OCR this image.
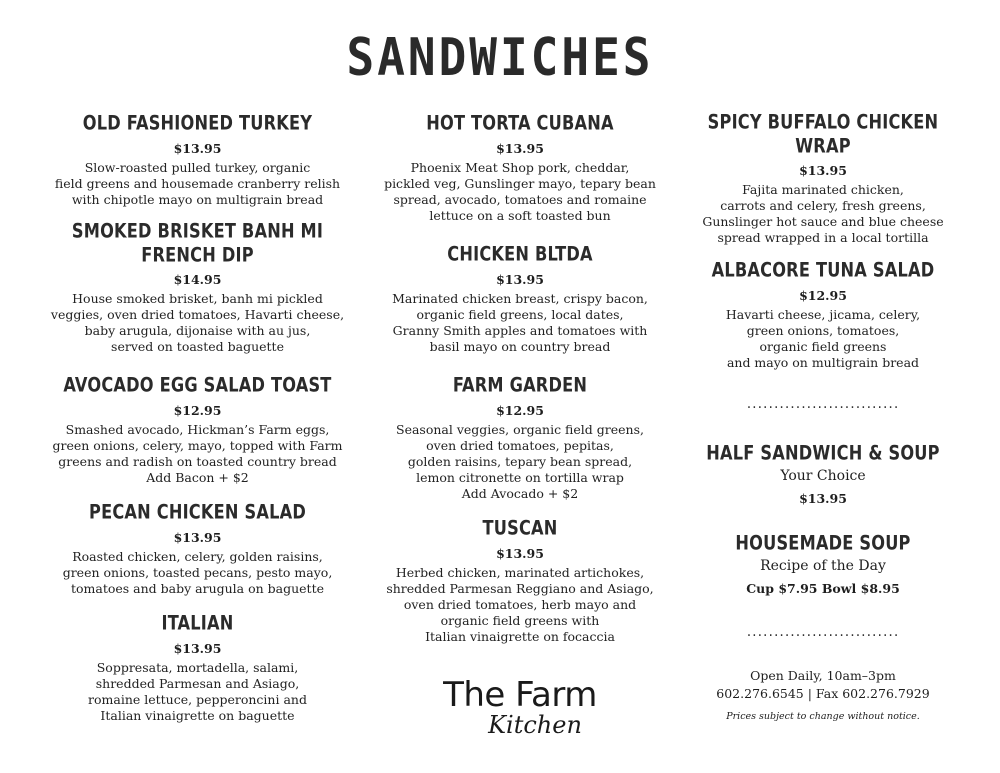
SANDWICHES
OLD FASHIONED TURKEY
$13.95
Slow-roasted pulled turkey, organic
field greens and housemade cranberry relish
with chipotle mayo on multigrain bread
SMOKED BRISKET BANH MI FRENCH DIP
$14.95
House smoked brisket, banh mi pickled
veggies, oven dried tomatoes, Havarti cheese,
baby arugula, dijonaise with au jus,
served on toasted baguette
AVOCADO EGG SALAD TOAST
$12.95
Smashed avocado, Hickman’s Farm eggs,
green onions, celery, mayo, topped with Farm
greens and radish on toasted country bread
Add Bacon + $2
PECAN CHICKEN SALAD
$13.95
Roasted chicken, celery, golden raisins,
green onions, toasted pecans, pesto mayo,
tomatoes and baby arugula on baguette
ITALIAN
$13.95
Soppresata, mortadella, salami,
shredded Parmesan and Asiago,
romaine lettuce, pepperoncini and
Italian vinaigrette on baguette
HOT TORTA CUBANA
$13.95
Phoenix Meat Shop pork, cheddar,
pickled veg, Gunslinger mayo, tepary bean
spread, avocado, tomatoes and romaine
lettuce on a soft toasted bun
CHICKEN BLTDA
$13.95
Marinated chicken breast, crispy bacon,
organic field greens, local dates,
Granny Smith apples and tomatoes with
basil mayo on country bread
FARM GARDEN
$12.95
Seasonal veggies, organic field greens,
oven dried tomatoes, pepitas,
golden raisins, tepary bean spread,
lemon citronette on tortilla wrap
Add Avocado + $2
TUSCAN
$13.95
Herbed chicken, marinated artichokes,
shredded Parmesan Reggiano and Asiago,
oven dried tomatoes, herb mayo and
organic field greens with
Italian vinaigrette on focaccia
The Farm
Kitchen
SPICY BUFFALO CHICKEN WRAP
$13.95
Fajita marinated chicken,
carrots and celery, fresh greens,
Gunslinger hot sauce and blue cheese
spread wrapped in a local tortilla
ALBACORE TUNA SALAD
$12.95
Havarti cheese, jicama, celery,
green onions, tomatoes,
organic field greens
and mayo on multigrain bread
............................
HALF SANDWICH & SOUP
Your Choice
$13.95
HOUSEMADE SOUP
Recipe of the Day
Cup $7.95 Bowl $8.95
............................
Open Daily, 10am–3pm
602.276.6545 | Fax 602.276.7929
Prices subject to change without notice.
